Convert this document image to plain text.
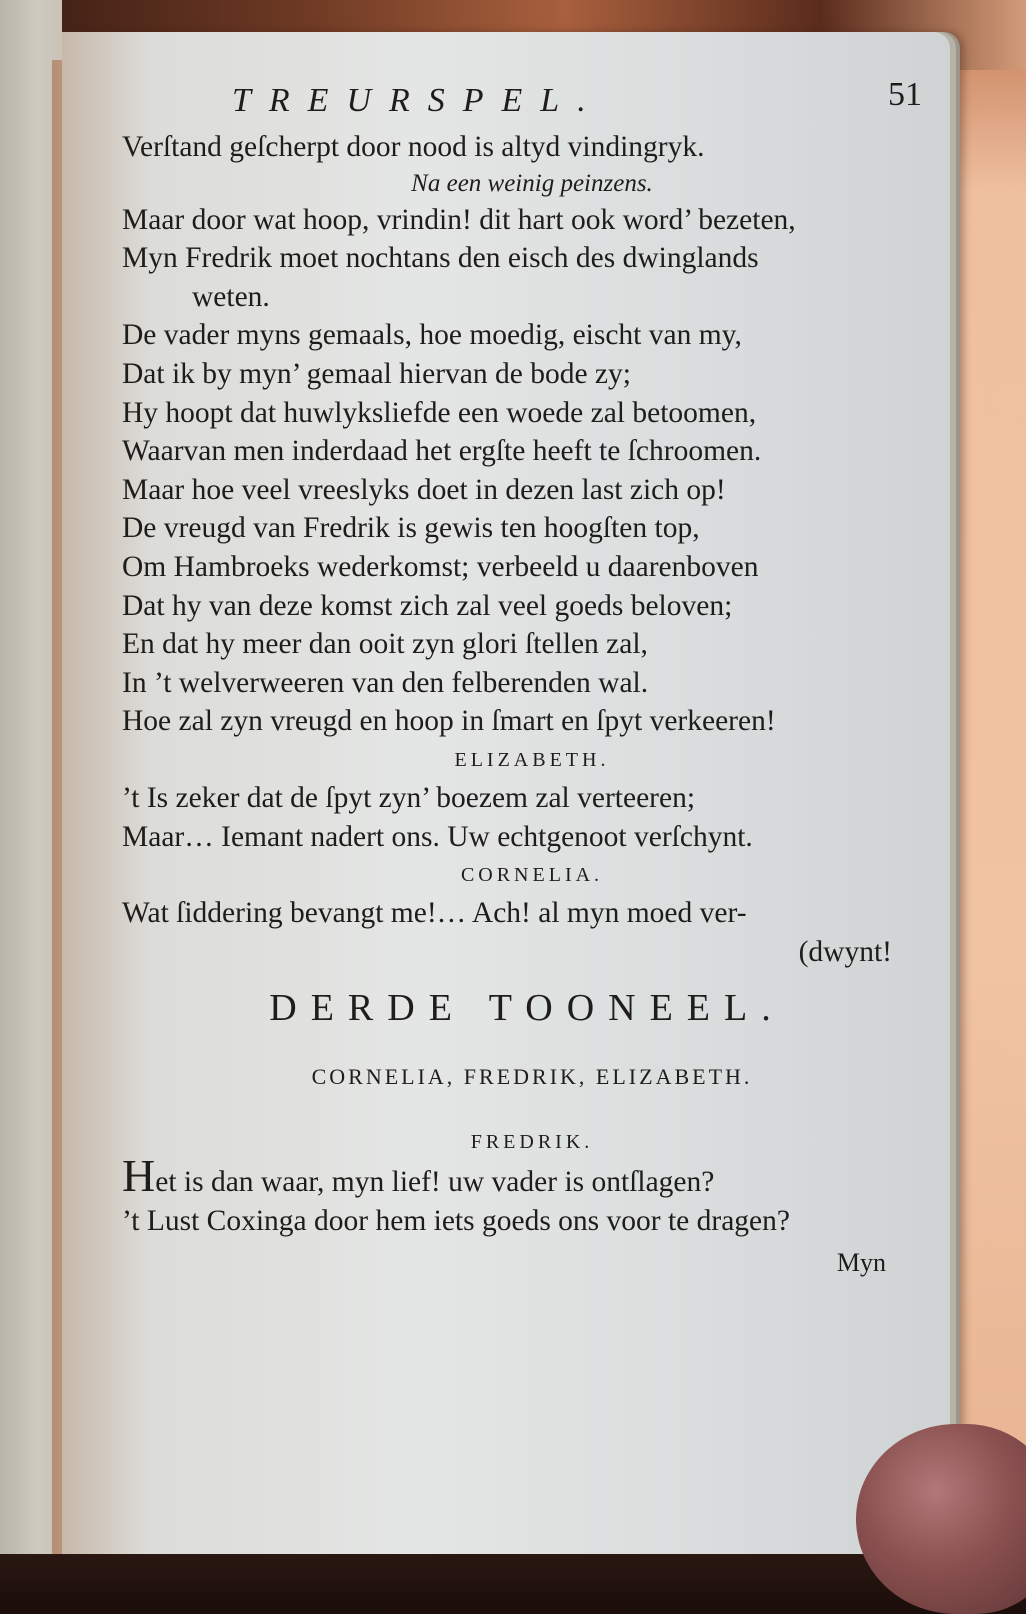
TREURSPEL.	51
Verſtand geſcherpt door nood is altyd vindingryk.
Na een weinig peinzens.
Maar door wat hoop, vrindin! dit hart ook word’ bezeten,
Myn Fredrik moet nochtans den eisch des dwinglands
weten.
De vader myns gemaals, hoe moedig, eischt van my,
Dat ik by myn’ gemaal hiervan de bode zy;
Hy hoopt dat huwlyksliefde een woede zal betoomen,
Waarvan men inderdaad het ergſte heeft te ſchroomen.
Maar hoe veel vreeslyks doet in dezen last zich op!
De vreugd van Fredrik is gewis ten hoogſten top,
Om Hambroeks wederkomst; verbeeld u daarenboven
Dat hy van deze komst zich zal veel goeds beloven;
En dat hy meer dan ooit zyn glori ſtellen zal,
In ’t welverweeren van den felberenden wal.
Hoe zal zyn vreugd en hoop in ſmart en ſpyt verkeeren!
ELIZABETH.
’t Is zeker dat de ſpyt zyn’ boezem zal verteeren;
Maar… Iemant nadert ons. Uw echtgenoot verſchynt.
CORNELIA.
Wat ſiddering bevangt me!… Ach! al myn moed ver-
(dwynt!
DERDE TOONEEL.
CORNELIA, FREDRIK, ELIZABETH.
FREDRIK.
Het is dan waar, myn lief! uw vader is ontſlagen?
’t Lust Coxinga door hem iets goeds ons voor te dragen?
Myn
